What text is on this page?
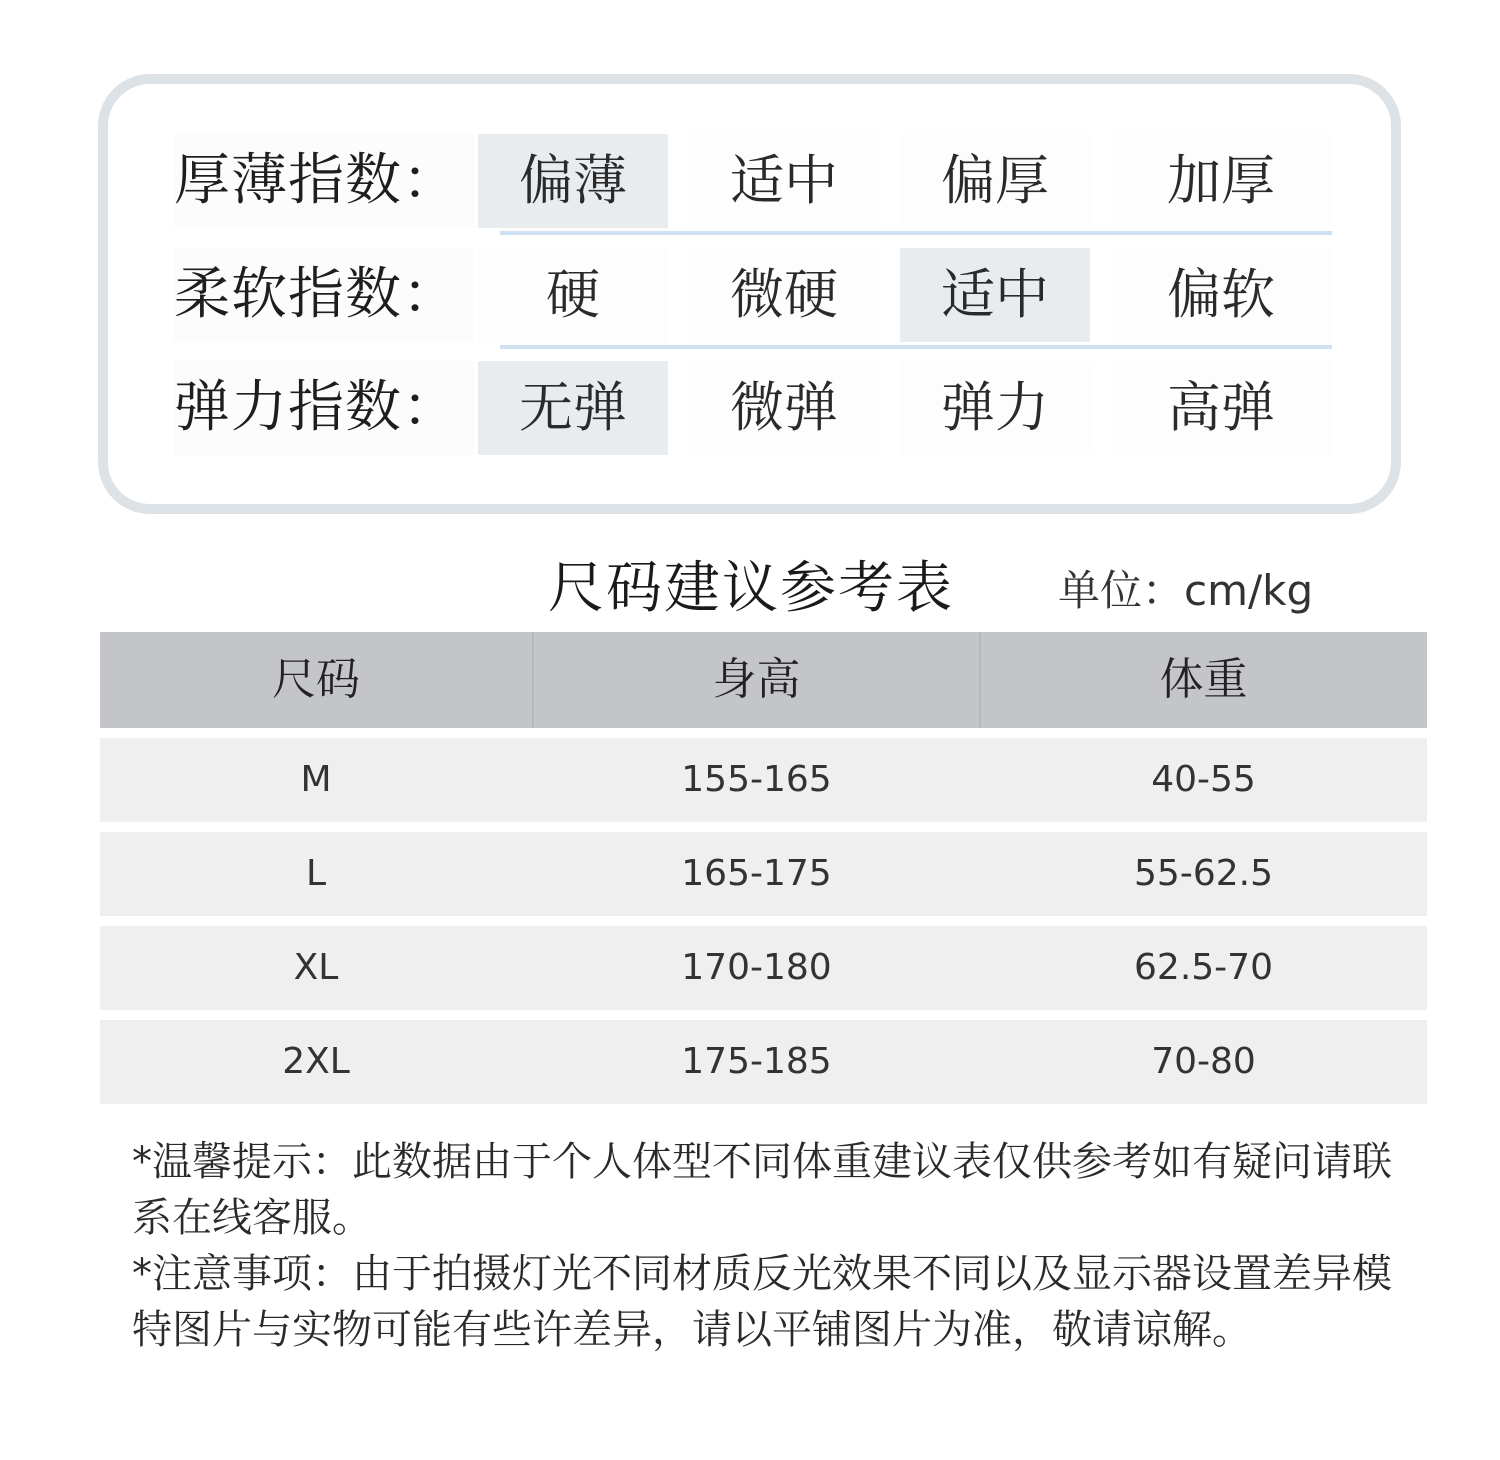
厚薄指数：	偏薄	适中	偏厚	加厚
柔软指数：	硬	微硬	适中	偏软
弹力指数：	无弹	微弹	弹力	高弹
尺码建议参考表 单位：cm/kg
尺码	身高	体重
M	155-165	40-55
L	165-175	55-62.5
XL	170-180	62.5-70
2XL	175-185	70-80

*温馨提示：此数据由于个人体型不同体重建议表仅供参考如有疑问请联系在线客服。

*注意事项：由于拍摄灯光不同材质反光效果不同以及显示器设置差异模特图片与实物可能有些许差异，请以平铺图片为准，敬请谅解。
